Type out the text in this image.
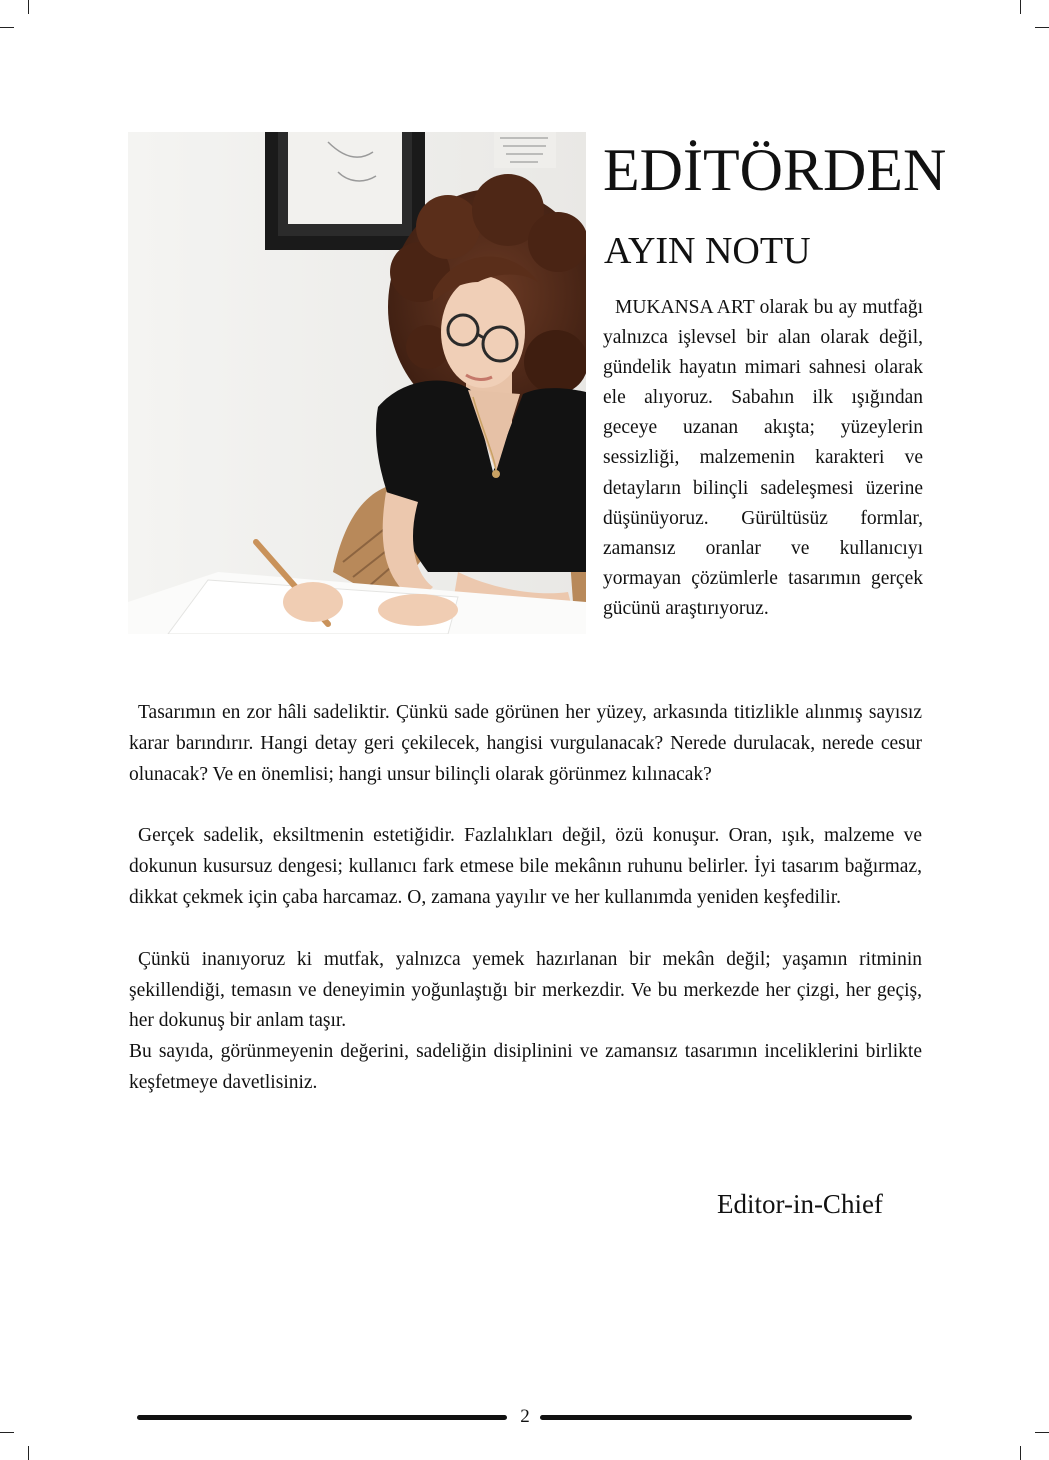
EDİTÖRDEN
AYIN NOTU

MUKANSA ART olarak bu ay mutfağı yalnızca işlevsel bir alan olarak değil, gündelik hayatın mimari sahnesi olarak ele alıyoruz. Sabahın ilk ışığından geceye uzanan akışta; yüzeylerin sessizliği, malzemenin karakteri ve detayların bilinçli sadeleşmesi üzerine düşünüyoruz. Gürültüsüz formlar, zamansız oranlar ve kullanıcıyı yormayan çözümlerle tasarımın gerçek gücünü araştırıyoruz.

Tasarımın en zor hâli sadeliktir. Çünkü sade görünen her yüzey, arkasında titizlikle alınmış sayısız karar barındırır. Hangi detay geri çekilecek, hangisi vurgulanacak? Nerede durulacak, nerede cesur olunacak? Ve en önemlisi; hangi unsur bilinçli olarak görünmez kılınacak?

Gerçek sadelik, eksiltmenin estetiğidir. Fazlalıkları değil, özü konuşur. Oran, ışık, malzeme ve dokunun kusursuz dengesi; kullanıcı fark etmese bile mekânın ruhunu belirler. İyi tasarım bağırmaz, dikkat çekmek için çaba harcamaz. O, zamana yayılır ve her kullanımda yeniden keşfedilir.

Çünkü inanıyoruz ki mutfak, yalnızca yemek hazırlanan bir mekân değil; yaşamın ritminin şekillendiği, temasın ve deneyimin yoğunlaştığı bir merkezdir. Ve bu merkezde her çizgi, her geçiş, her dokunuş bir anlam taşır.

Bu sayıda, görünmeyenin değerini, sadeliğin disiplinini ve zamansız tasarımın inceliklerini birlikte keşfetmeye davetlisiniz.

Editor-in-Chief

2
